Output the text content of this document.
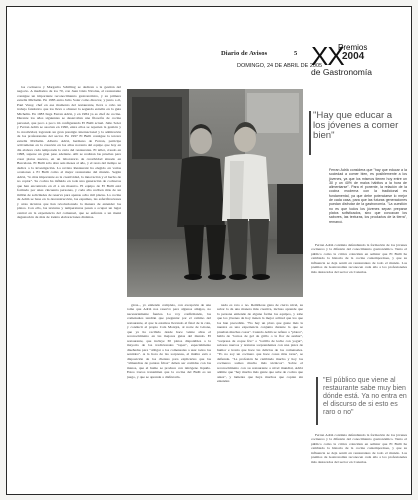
Diario de Avisos	5
DOMINGO, 24 DE ABRIL DE 2005
XX
Premios
2004
de Gastronomía

los cocineros y Margarita Schilling se dedican a la gestión del negocio. A mediados de los 70, con Juan Lluís Nicolau, el restaurante consigue un importante reconocimiento gastronómico, y su primera estrella Michelin. En 1983 entra Julio Soler como director, y junto a él, Paul Vassy, chef en ese momento del restaurante, lleva a cabo un trabajo fantástico que los lleva a obtener la segunda estrella en la guía Michelin. En 1983 llega Ferran Adrià, y en 1984 ya es chef de cocina. Durante los años siguientes se desarrollan una filosofía de cocina personal, que poco a poco irá configurando El Bulli actual. Julio Soler y Ferran Adrià se asocian en 1990, entre ellos se reparten la gestión y la creatividad, logrando un gran prestigio internacional y la admiración de los profesionales del sector. En 1997 El Bulli consigue la tercera estrella Michelin. Alberto Adrià, hermano de Ferran, participa activamente en la creación en los años noventa del equipo que hoy en día elabora cada temporada la carta del restaurante. El taller, creado en 1998, supone un gran paso adelante. Allí se realizan las pruebas para crear platos nuevos, en un laboratorio de creatividad situado en Barcelona. El Bulli sólo abre seis meses al año, y el resto del tiempo se dedica a la investigación. La revista Restaurant ha elegido en varias ocasiones a El Bulli como el mejor restaurante del mundo. Según Adrià, "lo más importante es la creatividad, la innovación y el hecho de no copiar". Su cocina ha influido en toda una generación de cocineros que han encontrado en él a un maestro. El equipo de El Bulli está formado por unas cincuenta personas, y cada año reciben más de un millón de solicitudes de reserva para apenas ocho mil plazas. La cocina de Adrià se basa en la deconstrucción, las espumas, las esferificaciones y otras técnicas que han revolucionado la manera de entender los platos. Con ello, las texturas y temperaturas pasan a ocupar un lugar central en la experiencia del comensal, que se enfrenta a un menú degustación de más de treinta elaboraciones distintas.

gicas–, yo entiendo completo, con excepción de una toma que Adrià nos reservó para algunos amigos, no necesariamente fuertes. Lo voy confirmando, los comensales tendrán que preguntar por el camino del restaurante, al que le estamos llevando al final de la cala, y conducir el propio Cala Montjoi, al norte de Girona, que ya ha recibido desde hace veinte años el reconocimiento en las mejores guías del mundo. El restaurante, que incluye 30 platos disponibles a la mayoría de las tradicionales "tapas", especialmente diseñadas para "obligar a los comensales a usar todos los sentidos". A la hora de las sorpresas, el maître está a disposición de los clientes para explicarles que las "almendras de patatas fritas" deben ser comidas con las manos, que el humo se produce con nitrógeno líquido. Estos trucos transmiten que la cocina del Bulli es un juego, y que se aprende a disfrutarla.

nada es raro o no. Rembleau gana de cierto nivel, su sabor la da una manera más creativa, incluso aprende que la persona entiende de alguna forma los equipos, y sabe que los jóvenes de hoy tienen la mejor actitud que los que los han precedido. "No hay un plato que guste más la nuestra es una experiencia conjunta durante la que se prueban muchas cosas". Cuando Adrià se refiere a "platos", habla de "tornos de gel de grillo o la flor de azahar", "sorpresa de coque frio" o "tortilla de leche con yogur", sabores nuevos y texturas sorprendentes con una pizca de humor e ironía que hace las delicias de los comensales. "Yo no soy un cocinero que hace cosas más raras", se defiende. "La profesión ha cambiado mucho y hoy los cocineros somos mucho más técnicos". Sobre el reconocimiento con su restaurante a nivel mundial, Adrià admite que "hay mucha más gente que sabe de cocina que antes", y lamenta que haya muchos que copian sin entender.

"Hay que educar a los jóvenes a comer bien"
Ferran Adrià considera que "hay que educar a la sociedad a comer bien, es posiblemente a los jóvenes, ya que los mismos tienen hoy entre un 30 y un 40% de malos hábitos a la hora de alimentarse". Para el ponente, la relación de la cocina moderna con la tradicional es fundamental, ya que debe potenciarse lo mejor de cada casa, para que las futuras generaciones puedan disfrutar de la gastronomía. "La cuestión no es que todos los jóvenes sepan preparar platos sofisticados, sino que conozcan los sabores, las texturas, los productos de la tierra", remarcó.

Ferran Adrià continúa defendiendo la formación de los jóvenes cocineros y la difusión del conocimiento gastronómico. Tanto el público como la crítica coinciden en señalar que El Bulli ha cambiado la historia de la cocina contemporánea, y que su influencia se deja sentir en restaurantes de todo el mundo. Los premios de Gastronomía reconocen cada año a los profesionales más destacados del sector en Canarias.

"El público que viene al restaurante sabe muy bien dónde está. Ya no entra en el discurso de si esto es raro o no"

Ferran Adrià continúa defendiendo la formación de los jóvenes cocineros y la difusión del conocimiento gastronómico. Tanto el público como la crítica coinciden en señalar que El Bulli ha cambiado la historia de la cocina contemporánea, y que su influencia se deja sentir en restaurantes de todo el mundo. Los premios de Gastronomía reconocen cada año a los profesionales más destacados del sector en Canarias.
